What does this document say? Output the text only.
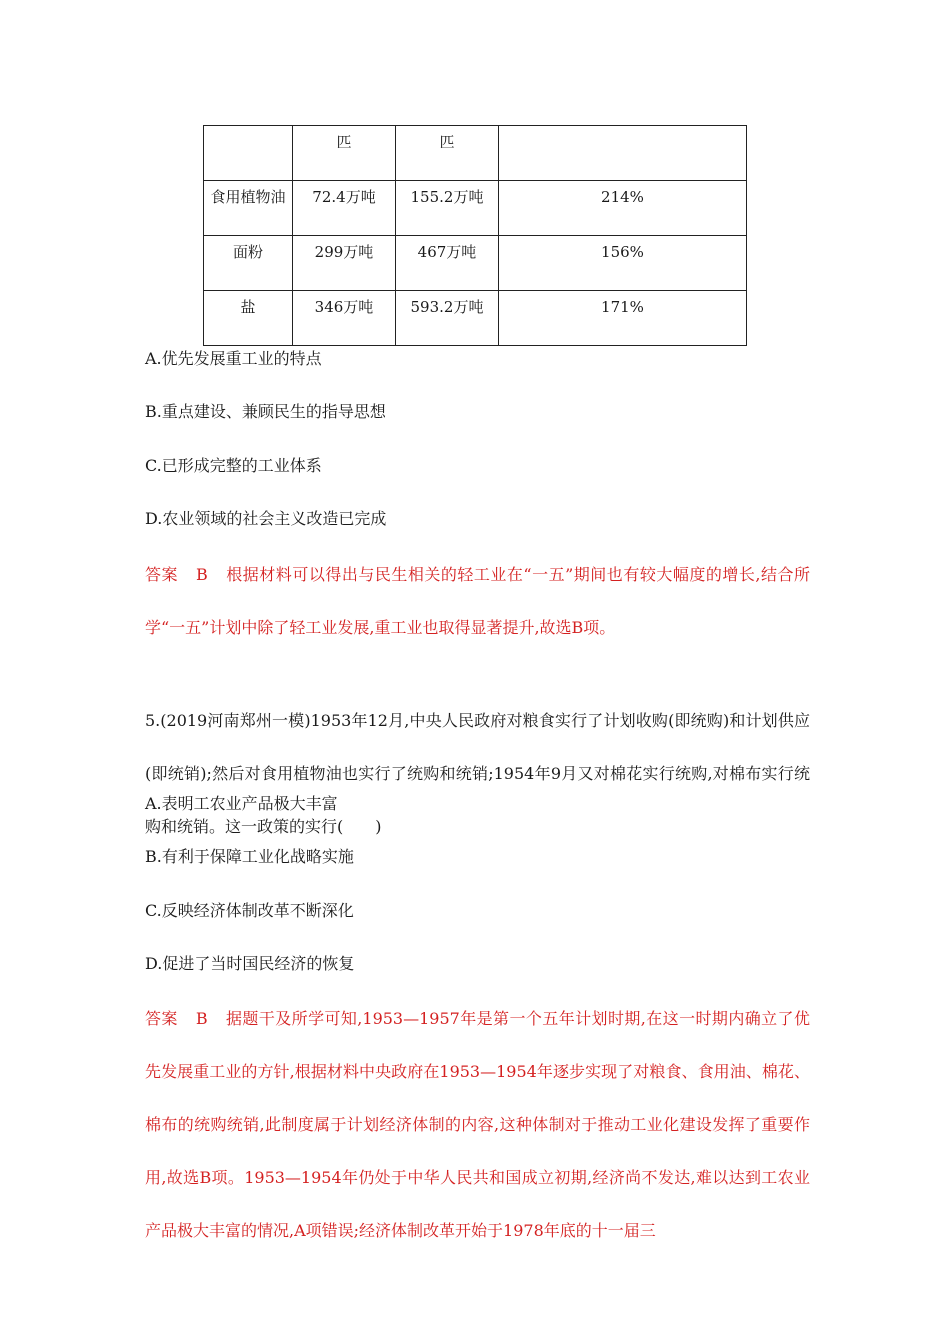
	匹	匹	

食用植物油	72.4万吨	155.2万吨	214%

面粉	299万吨	467万吨	156%

盐	346万吨	593.2万吨	171%
A.优先发展重工业的特点
B.重点建设、兼顾民生的指导思想
C.已形成完整的工业体系
D.农业领域的社会主义改造已完成
答案 B 根据材料可以得出与民生相关的轻工业在“一五”期间也有较大幅度的增长,结合所学“一五”计划中除了轻工业发展,重工业也取得显著提升,故选B项。
5.(2019河南郑州一模)1953年12月,中央人民政府对粮食实行了计划收购(即统购)和计划供应(即统销);然后对食用植物油也实行了统购和统销;1954年9月又对棉花实行统购,对棉布实行统购和统销。这一政策的实行(　　)
A.表明工农业产品极大丰富
B.有利于保障工业化战略实施
C.反映经济体制改革不断深化
D.促进了当时国民经济的恢复
答案 B 据题干及所学可知,1953—1957年是第一个五年计划时期,在这一时期内确立了优先发展重工业的方针,根据材料中央政府在1953—1954年逐步实现了对粮食、食用油、棉花、棉布的统购统销,此制度属于计划经济体制的内容,这种体制对于推动工业化建设发挥了重要作用,故选B项。1953—1954年仍处于中华人民共和国成立初期,经济尚不发达,难以达到工农业产品极大丰富的情况,A项错误;经济体制改革开始于1978年底的十一届三
